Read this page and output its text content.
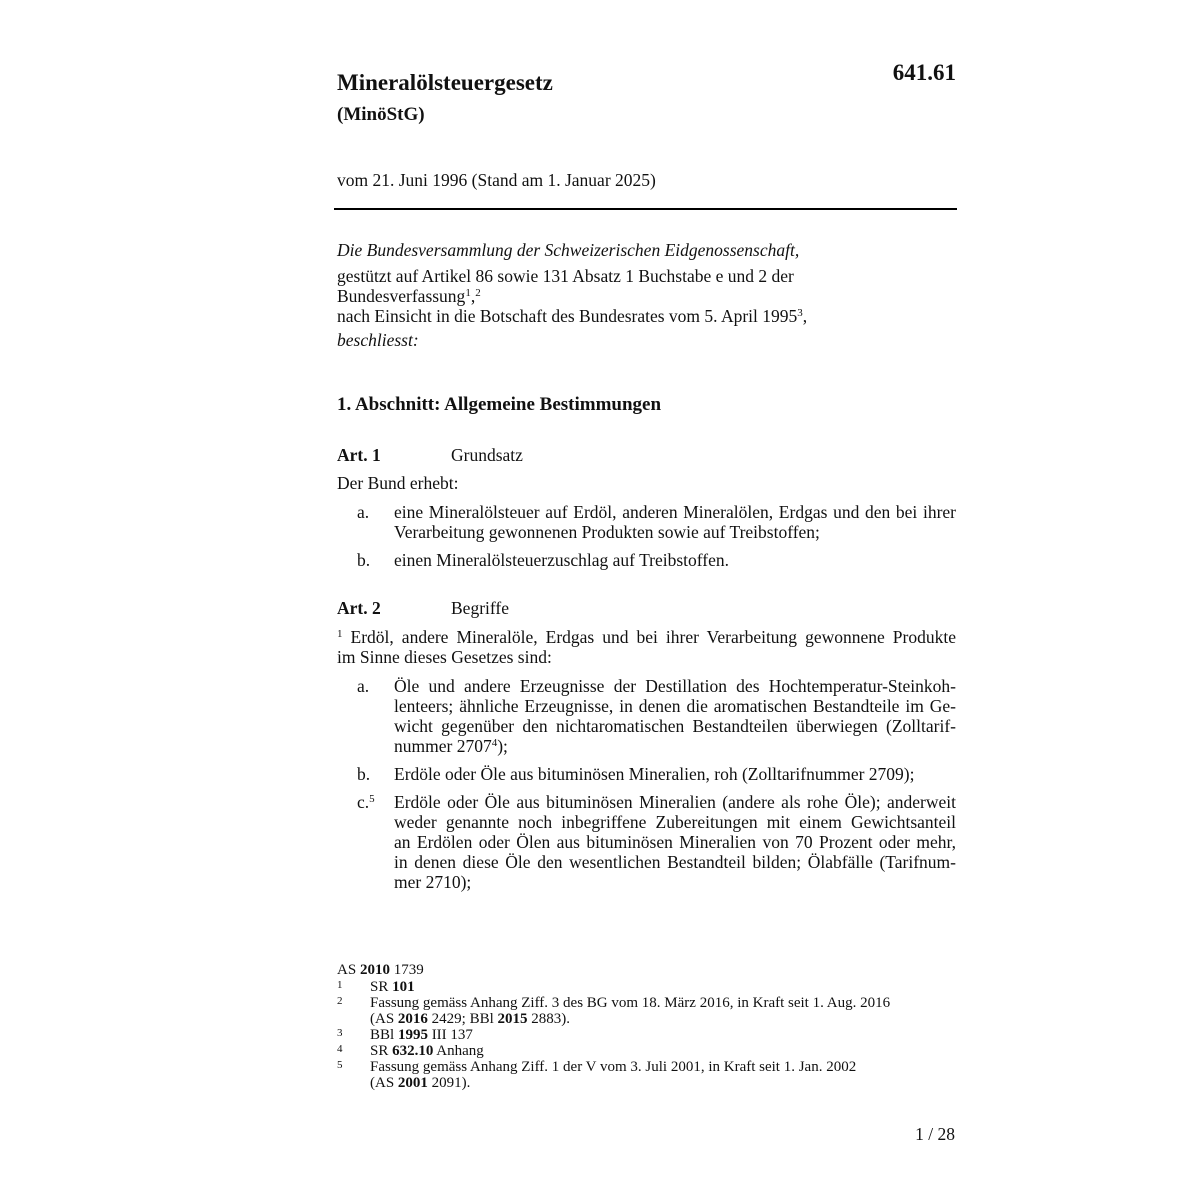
Mineralölsteuergesetz
(MinöStG)
641.61
vom 21. Juni 1996 (Stand am 1. Januar 2025)
Die Bundesversammlung der Schweizerischen Eidgenossenschaft,
gestützt auf Artikel 86 sowie 131 Absatz 1 Buchstabe e und 2 der
Bundesverfassung$^1$,$^2$
nach Einsicht in die Botschaft des Bundesrates vom 5. April 1995$^3$,
beschliesst:
1. Abschnitt: Allgemeine Bestimmungen
Art. 1	Grundsatz
Der Bund erhebt:
a. eine Mineralölsteuer auf Erdöl, anderen Mineralölen, Erdgas und den bei ihrer
Verarbeitung gewonnenen Produkten sowie auf Treibstoffen;
b. einen Mineralölsteuerzuschlag auf Treibstoffen.
Art. 2	Begriffe
$^1$ Erdöl, andere Mineralöle, Erdgas und bei ihrer Verarbeitung gewonnene Produkte
im Sinne dieses Gesetzes sind:
a. Öle und andere Erzeugnisse der Destillation des Hochtemperatur-Steinkoh-
lenteers; ähnliche Erzeugnisse, in denen die aromatischen Bestandteile im Ge-
wicht gegenüber den nichtaromatischen Bestandteilen überwiegen (Zolltarif-
nummer 2707$^4$);
b. Erdöle oder Öle aus bituminösen Mineralien, roh (Zolltarifnummer 2709);
c.$^5$ Erdöle oder Öle aus bituminösen Mineralien (andere als rohe Öle); anderweit
weder genannte noch inbegriffene Zubereitungen mit einem Gewichtsanteil
an Erdölen oder Ölen aus bituminösen Mineralien von 70 Prozent oder mehr,
in denen diese Öle den wesentlichen Bestandteil bilden; Ölabfälle (Tarifnum-
mer 2710);
AS 2010 1739
1 SR 101
2 Fassung gemäss Anhang Ziff. 3 des BG vom 18. März 2016, in Kraft seit 1. Aug. 2016
(AS 2016 2429; BBl 2015 2883).
3 BBl 1995 III 137
4 SR 632.10 Anhang
5 Fassung gemäss Anhang Ziff. 1 der V vom 3. Juli 2001, in Kraft seit 1. Jan. 2002
(AS 2001 2091).
1 / 28
